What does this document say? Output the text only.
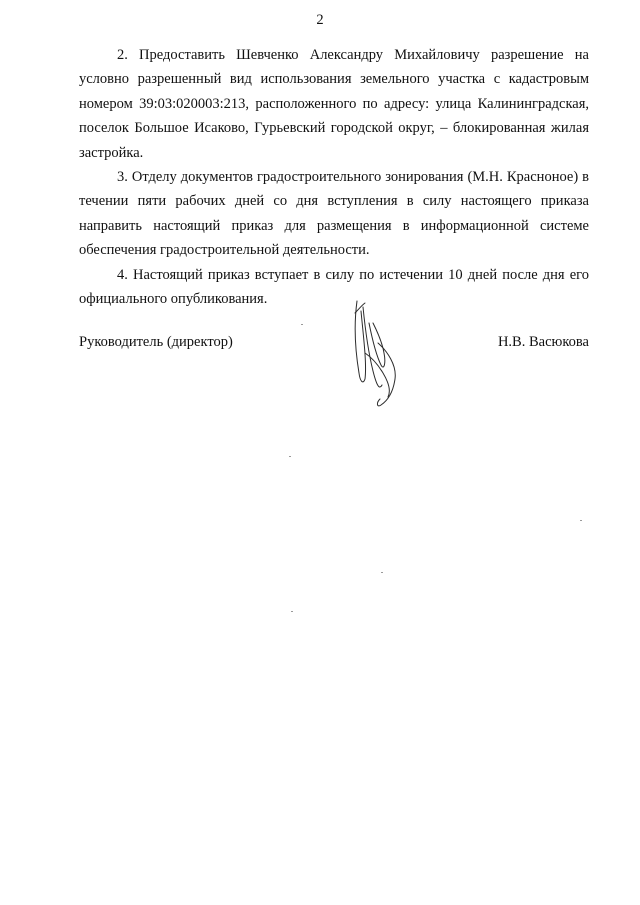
2

2. Предоставить Шевченко Александру Михайловичу разрешение на условно разрешенный вид использования земельного участка с кадастровым номером 39:03:020003:213, расположенного по адресу: улица Калининградская, поселок Большое Исаково, Гурьевский городской округ, – блокированная жилая застройка.

3. Отделу документов градостроительного зонирования (М.Н. Красноное) в течении пяти рабочих дней со дня вступления в силу настоящего приказа направить настоящий приказ для размещения в информационной системе обеспечения градостроительной деятельности.

4. Настоящий приказ вступает в силу по истечении 10 дней после дня его официального опубликования.

Руководитель (директор)	Н.В. Васюкова
